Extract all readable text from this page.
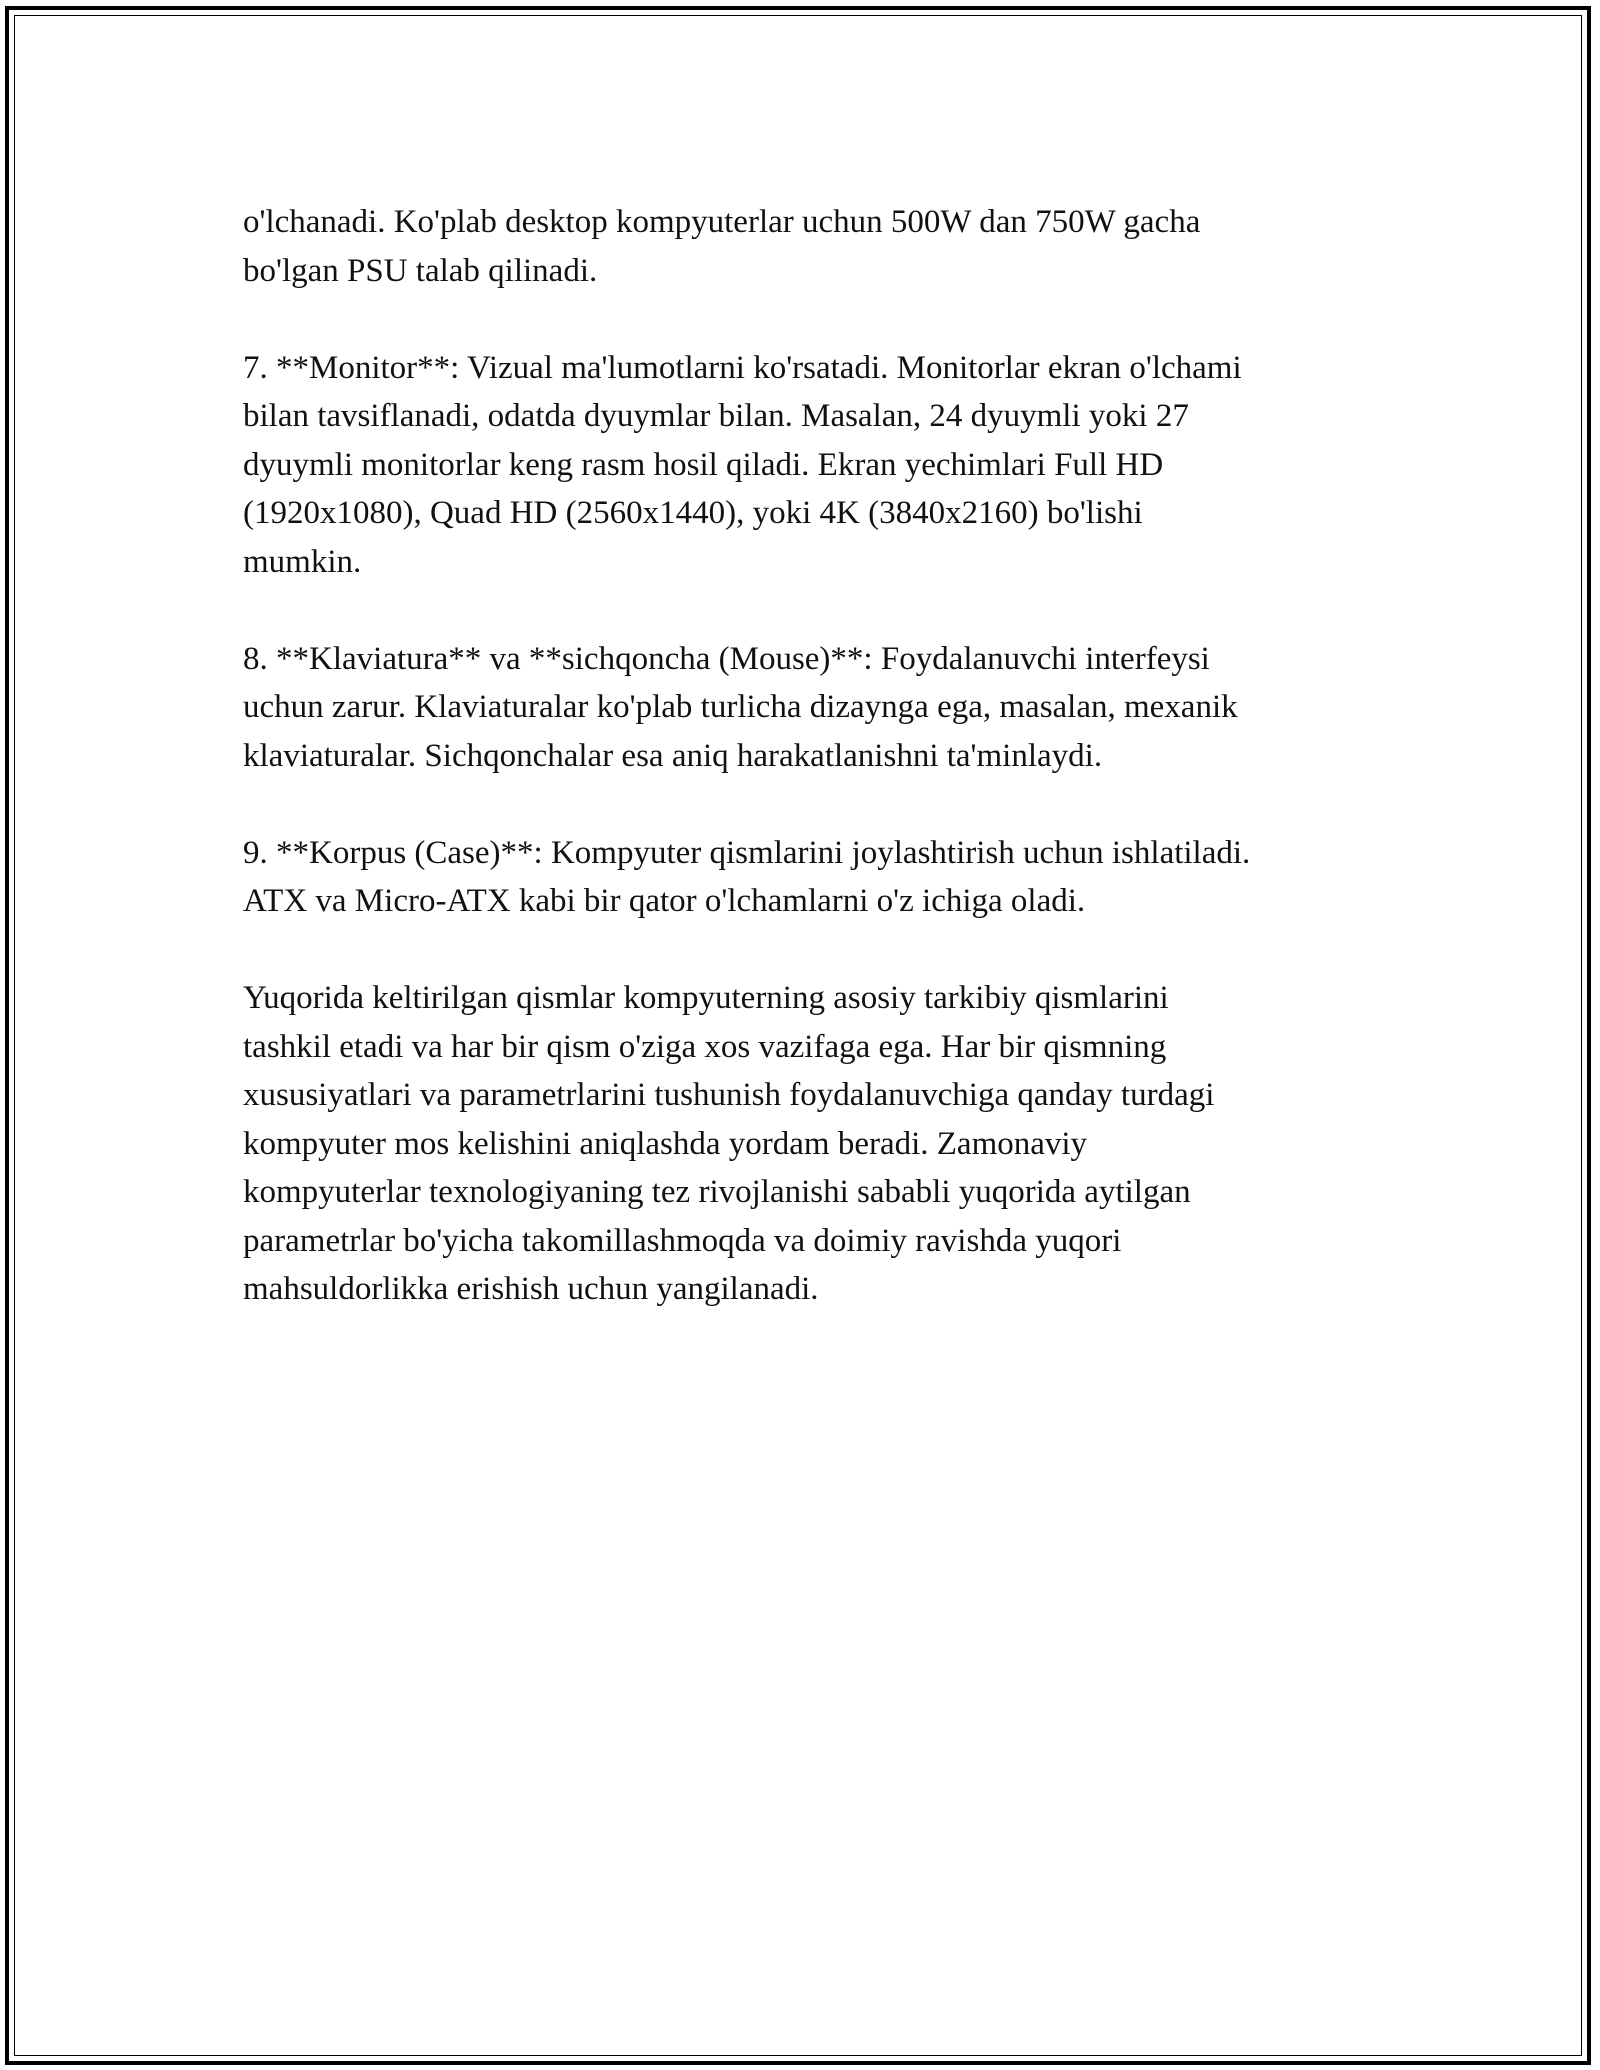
o'lchanadi. Ko'plab desktop kompyuterlar uchun 500W dan 750W gacha
bo'lgan PSU talab qilinadi.

7. **Monitor**: Vizual ma'lumotlarni ko'rsatadi. Monitorlar ekran o'lchami
bilan tavsiflanadi, odatda dyuymlar bilan. Masalan, 24 dyuymli yoki 27
dyuymli monitorlar keng rasm hosil qiladi. Ekran yechimlari Full HD
(1920x1080), Quad HD (2560x1440), yoki 4K (3840x2160) bo'lishi
mumkin.

8. **Klaviatura** va **sichqoncha (Mouse)**: Foydalanuvchi interfeysi
uchun zarur. Klaviaturalar ko'plab turlicha dizaynga ega, masalan, mexanik
klaviaturalar. Sichqonchalar esa aniq harakatlanishni ta'minlaydi.

9. **Korpus (Case)**: Kompyuter qismlarini joylashtirish uchun ishlatiladi.
ATX va Micro-ATX kabi bir qator o'lchamlarni o'z ichiga oladi.

Yuqorida keltirilgan qismlar kompyuterning asosiy tarkibiy qismlarini
tashkil etadi va har bir qism o'ziga xos vazifaga ega. Har bir qismning
xususiyatlari va parametrlarini tushunish foydalanuvchiga qanday turdagi
kompyuter mos kelishini aniqlashda yordam beradi. Zamonaviy
kompyuterlar texnologiyaning tez rivojlanishi sababli yuqorida aytilgan
parametrlar bo'yicha takomillashmoqda va doimiy ravishda yuqori
mahsuldorlikka erishish uchun yangilanadi.
